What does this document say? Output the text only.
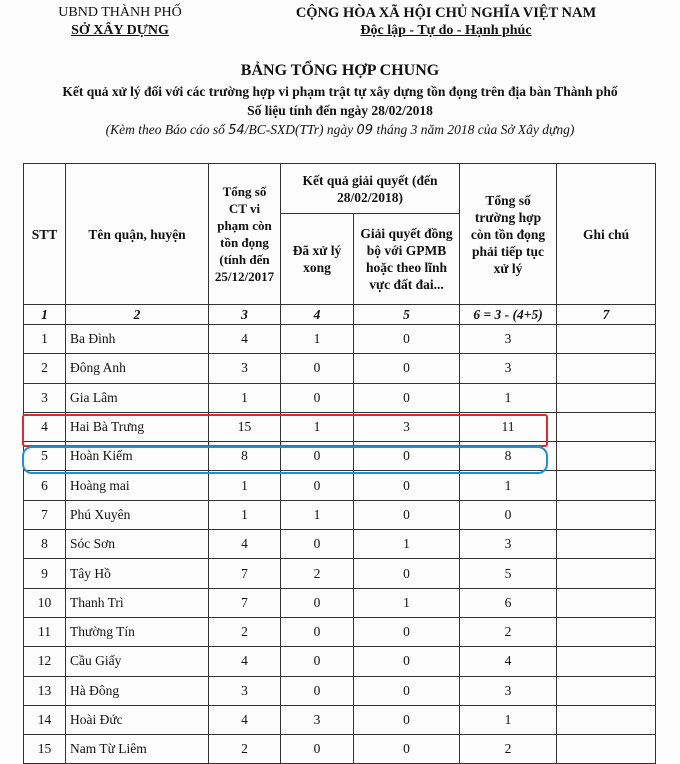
UBND THÀNH PHỐ
SỞ XÂY DỰNG
CỘNG HÒA XÃ HỘI CHỦ NGHĨA VIỆT NAM
Độc lập - Tự do - Hạnh phúc
BẢNG TỔNG HỢP CHUNG
Kết quả xử lý đối với các trường hợp vi phạm trật tự xây dựng tồn đọng trên địa bàn Thành phố
Số liệu tính đến ngày 28/02/2018
(Kèm theo Báo cáo số 54/BC-SXD(TTr) ngày 09 tháng 3 năm 2018 của Sở Xây dựng)
STT	Tên quận, huyện	Tổng số CT vi phạm còn tồn đọng (tính đến 25/12/2017	Kết quả giải quyết (đến 28/02/2018)		Tổng số trường hợp còn tồn đọng phải tiếp tục xử lý	Ghi chú
			Đã xử lý xong	Giải quyết đồng bộ với GPMB hoặc theo lĩnh vực đất đai...		
1	2	3	4	5	6 = 3 - (4+5)	7
1	Ba Đình	4	1	0	3	
2	Đông Anh	3	0	0	3	
3	Gia Lâm	1	0	0	1	
4	Hai Bà Trưng	15	1	3	11	
5	Hoàn Kiếm	8	0	0	8	
6	Hoàng mai	1	0	0	1	
7	Phú Xuyên	1	1	0	0	
8	Sóc Sơn	4	0	1	3	
9	Tây Hồ	7	2	0	5	
10	Thanh Trì	7	0	1	6	
11	Thường Tín	2	0	0	2	
12	Cầu Giấy	4	0	0	4	
13	Hà Đông	3	0	0	3	
14	Hoài Đức	4	3	0	1	
15	Nam Từ Liêm	2	0	0	2	
